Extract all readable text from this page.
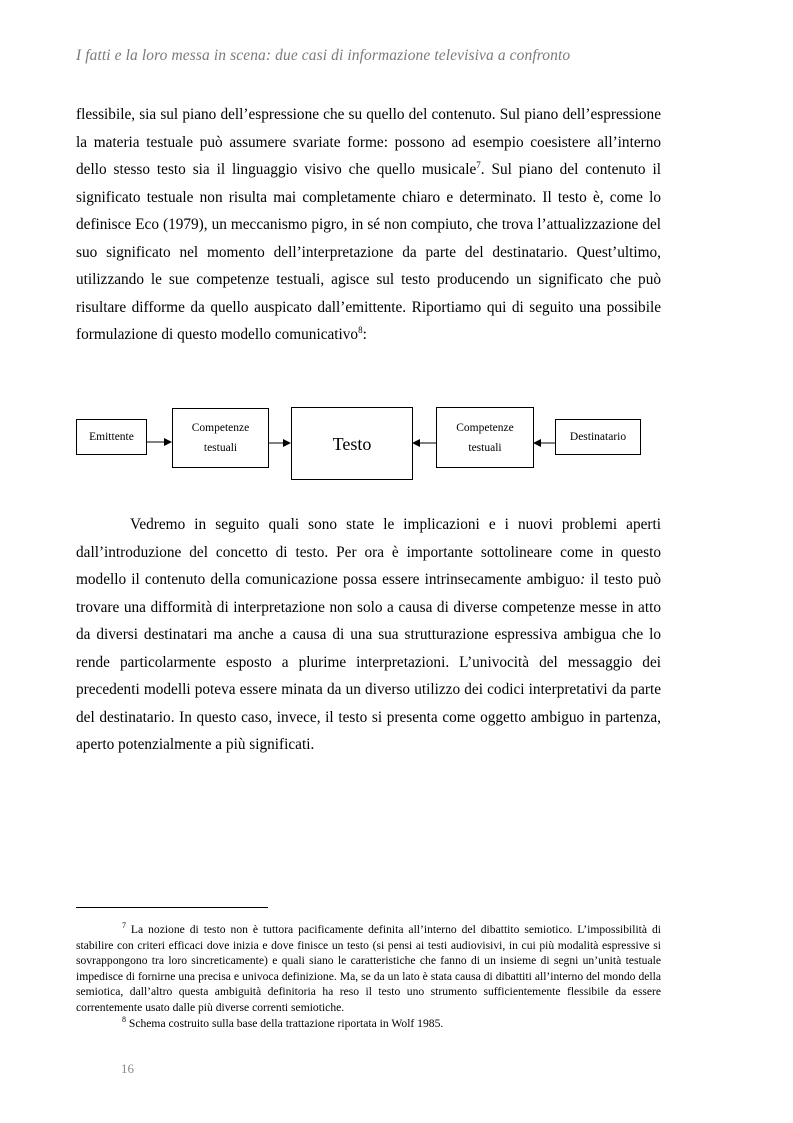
I fatti e la loro messa in scena: due casi di informazione televisiva a confronto
flessibile, sia sul piano dell’espressione che su quello del contenuto. Sul piano dell’espressione la materia testuale può assumere svariate forme: possono ad esempio coesistere all’interno dello stesso testo sia il linguaggio visivo che quello musicale$^7$. Sul piano del contenuto il significato testuale non risulta mai completamente chiaro e determinato. Il testo è, come lo definisce Eco (1979), un meccanismo pigro, in sé non compiuto, che trova l’attualizzazione del suo significato nel momento dell’interpretazione da parte del destinatario. Quest’ultimo, utilizzando le sue competenze testuali, agisce sul testo producendo un significato che può risultare difforme da quello auspicato dall’emittente. Riportiamo qui di seguito una possibile formulazione di questo modello comunicativo$^8$:
Emittente
Competenze
testuali	Testo
Competenze
testuali
Destinatario
Vedremo in seguito quali sono state le implicazioni e i nuovi problemi aperti dall’introduzione del concetto di testo. Per ora è importante sottolineare come in questo modello il contenuto della comunicazione possa essere intrinsecamente ambiguo: il testo può trovare una difformità di interpretazione non solo a causa di diverse competenze messe in atto da diversi destinatari ma anche a causa di una sua strutturazione espressiva ambigua che lo rende particolarmente esposto a plurime interpretazioni. L’univocità del messaggio dei precedenti modelli poteva essere minata da un diverso utilizzo dei codici interpretativi da parte del destinatario. In questo caso, invece, il testo si presenta come oggetto ambiguo in partenza, aperto potenzialmente a più significati.

$^7$ La nozione di testo non è tuttora pacificamente definita all’interno del dibattito semiotico. L’impossibilità di stabilire con criteri efficaci dove inizia e dove finisce un testo (si pensi ai testi audiovisivi, in cui più modalità espressive si sovrappongono tra loro sincreticamente) e quali siano le caratteristiche che fanno di un insieme di segni un’unità testuale impedisce di fornirne una precisa e univoca definizione. Ma, se da un lato è stata causa di dibattiti all’interno del mondo della semiotica, dall’altro questa ambiguità definitoria ha reso il testo uno strumento sufficientemente flessibile da essere correntemente usato dalle più diverse correnti semiotiche.

$^8$ Schema costruito sulla base della trattazione riportata in Wolf 1985.

16
